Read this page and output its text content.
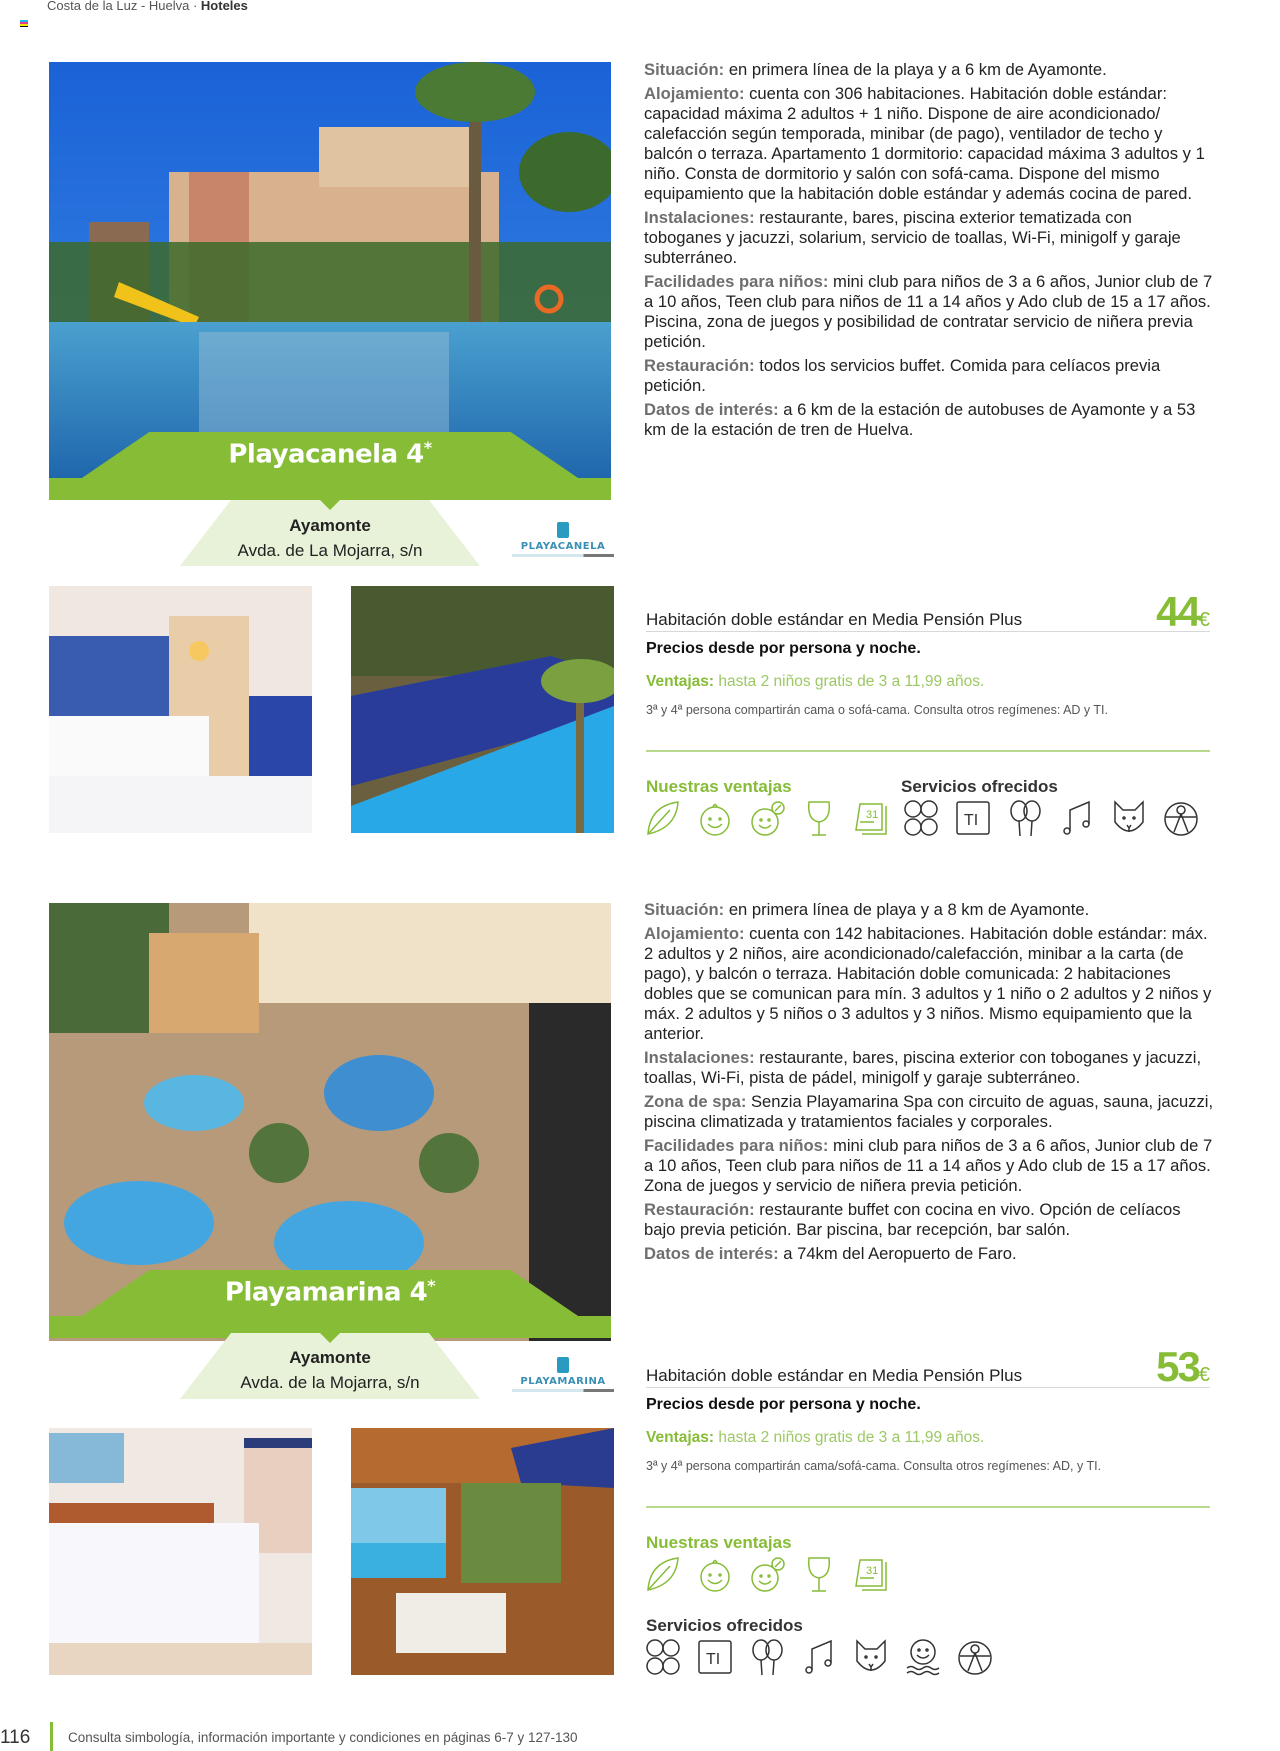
Costa de la Luz - Huelva · Hoteles
Playacanela 4*
Ayamonte
Avda. de La Mojarra, s/n	PLAYACANELA

Situación: en primera línea de la playa y a 6 km de Ayamonte.

Alojamiento: cuenta con 306 habitaciones. Habitación doble estándar: capacidad máxima 2 adultos + 1 niño. Dispone de aire acondicionado/ calefacción según temporada, minibar (de pago), ventilador de techo y balcón o terraza. Apartamento 1 dormitorio: capacidad máxima 3 adultos y 1 niño. Consta de dormitorio y salón con sofá-cama. Dispone del mismo equipamiento que la habitación doble estándar y además cocina de pared.

Instalaciones: restaurante, bares, piscina exterior tematizada con toboganes y jacuzzi, solarium, servicio de toallas, Wi-Fi, minigolf y garaje subterráneo.

Facilidades para niños: mini club para niños de 3 a 6 años, Junior club de 7 a 10 años, Teen club para niños de 11 a 14 años y Ado club de 15 a 17 años. Piscina, zona de juegos y posibilidad de contratar servicio de niñera previa petición.

Restauración: todos los servicios buffet. Comida para celíacos previa petición.

Datos de interés: a 6 km de la estación de autobuses de Ayamonte y a 53 km de la estación de tren de Huelva.

Habitación doble estándar en Media Pensión Plus	44€
Precios desde por persona y noche.
Ventajas: hasta 2 niños gratis de 3 a 11,99 años.
3ª y 4ª persona compartirán cama o sofá-cama. Consulta otros regímenes: AD y TI.
Nuestras ventajas
31
Servicios ofrecidos
TI
Playamarina 4*
Ayamonte
Avda. de la Mojarra, s/n	PLAYAMARINA

Situación: en primera línea de playa y a 8 km de Ayamonte.

Alojamiento: cuenta con 142 habitaciones. Habitación doble estándar: máx. 2 adultos y 2 niños, aire acondicionado/calefacción, minibar a la carta (de pago), y balcón o terraza. Habitación doble comunicada: 2 habitaciones dobles que se comunican para mín. 3 adultos y 1 niño o 2 adultos y 2 niños y máx. 2 adultos y 5 niños o 3 adultos y 3 niños. Mismo equipamiento que la anterior.

Instalaciones: restaurante, bares, piscina exterior con toboganes y jacuzzi, toallas, Wi-Fi, pista de pádel, minigolf y garaje subterráneo.

Zona de spa: Senzia Playamarina Spa con circuito de aguas, sauna, jacuzzi, piscina climatizada y tratamientos faciales y corporales.

Facilidades para niños: mini club para niños de 3 a 6 años, Junior club de 7 a 10 años, Teen club para niños de 11 a 14 años y Ado club de 15 a 17 años. Zona de juegos y servicio de niñera previa petición.

Restauración: restaurante buffet con cocina en vivo. Opción de celíacos bajo previa petición. Bar piscina, bar recepción, bar salón.

Datos de interés: a 74km del Aeropuerto de Faro.

Habitación doble estándar en Media Pensión Plus	53€
Precios desde por persona y noche.
Ventajas: hasta 2 niños gratis de 3 a 11,99 años.
3ª y 4ª persona compartirán cama/sofá-cama. Consulta otros regímenes: AD, y TI.
Nuestras ventajas
31
Servicios ofrecidos
TI
116	Consulta simbología, información importante y condiciones en páginas 6-7 y 127-130
